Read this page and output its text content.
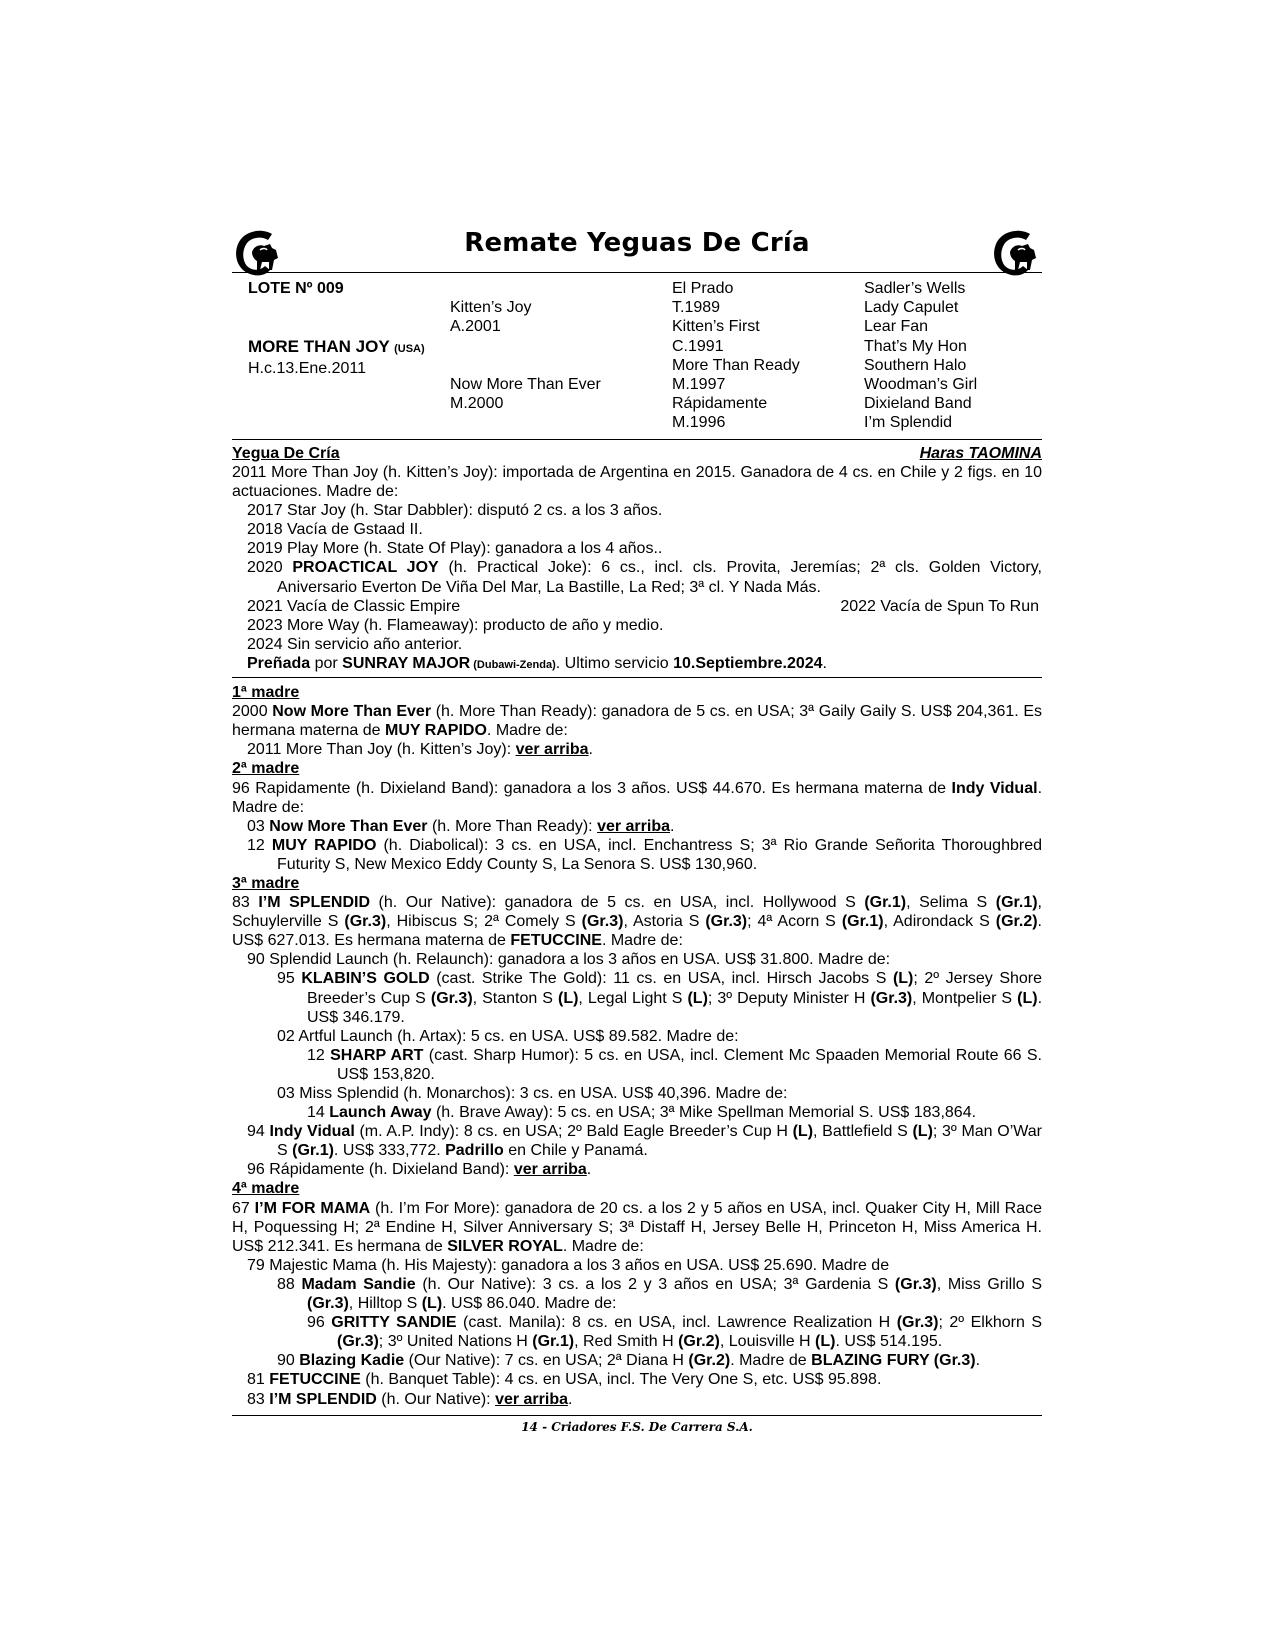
Remate Yeguas De Cría
LOTE Nº 009

MORE THAN JOY (USA)
H.c.13.Ene.2011

Kitten’s Joy
A.2001

Now More Than Ever
M.2000
El Prado
T.1989
Kitten’s First
C.1991
More Than Ready
M.1997
Rápidamente
M.1996
Sadler’s Wells
Lady Capulet
Lear Fan
That’s My Hon
Southern Halo
Woodman’s Girl
Dixieland Band
I’m Splendid
Yegua De Cría	Haras TAOMINA

2011 More Than Joy (h. Kitten’s Joy): importada de Argentina en 2015. Ganadora de 4 cs. en Chile y 2 figs. en 10 actuaciones. Madre de:

2017 Star Joy (h. Star Dabbler): disputó 2 cs. a los 3 años.

2018 Vacía de Gstaad II.

2019 Play More (h. State Of Play): ganadora a los 4 años..

2020 PROACTICAL JOY (h. Practical Joke): 6 cs., incl. cls. Provita, Jeremías; 2ª cls. Golden Victory, Aniversario Everton De Viña Del Mar, La Bastille, La Red; 3ª cl. Y Nada Más.

2021 Vacía de Classic Empire	2022 Vacía de Spun To Run

2023 More Way (h. Flameaway): producto de año y medio.

2024 Sin servicio año anterior.

Preñada por SUNRAY MAJOR (Dubawi-Zenda). Ultimo servicio 10.Septiembre.2024.

1ª madre

2000 Now More Than Ever (h. More Than Ready): ganadora de 5 cs. en USA; 3ª Gaily Gaily S. US$ 204,361. Es hermana materna de MUY RAPIDO. Madre de:

2011 More Than Joy (h. Kitten’s Joy): ver arriba.

2ª madre

96 Rapidamente (h. Dixieland Band): ganadora a los 3 años. US$ 44.670. Es hermana materna de Indy Vidual. Madre de:

03 Now More Than Ever (h. More Than Ready): ver arriba.

12 MUY RAPIDO (h. Diabolical): 3 cs. en USA, incl. Enchantress S; 3ª Rio Grande Señorita Thoroughbred Futurity S, New Mexico Eddy County S, La Senora S. US$ 130,960.

3ª madre

83 I’M SPLENDID (h. Our Native): ganadora de 5 cs. en USA, incl. Hollywood S (Gr.1), Selima S (Gr.1), Schuylerville S (Gr.3), Hibiscus S; 2ª Comely S (Gr.3), Astoria S (Gr.3); 4ª Acorn S (Gr.1), Adirondack S (Gr.2). US$ 627.013. Es hermana materna de FETUCCINE. Madre de:

90 Splendid Launch (h. Relaunch): ganadora a los 3 años en USA. US$ 31.800. Madre de:

95 KLABIN’S GOLD (cast. Strike The Gold): 11 cs. en USA, incl. Hirsch Jacobs S (L); 2º Jersey Shore Breeder’s Cup S (Gr.3), Stanton S (L), Legal Light S (L); 3º Deputy Minister H (Gr.3), Montpelier S (L). US$ 346.179.

02 Artful Launch (h. Artax): 5 cs. en USA. US$ 89.582. Madre de:

12 SHARP ART (cast. Sharp Humor): 5 cs. en USA, incl. Clement Mc Spaaden Memorial Route 66 S. US$ 153,820.

03 Miss Splendid (h. Monarchos): 3 cs. en USA. US$ 40,396. Madre de:

14 Launch Away (h. Brave Away): 5 cs. en USA; 3ª Mike Spellman Memorial S. US$ 183,864.

94 Indy Vidual (m. A.P. Indy): 8 cs. en USA; 2º Bald Eagle Breeder’s Cup H (L), Battlefield S (L); 3º Man O’War S (Gr.1). US$ 333,772. Padrillo en Chile y Panamá.

96 Rápidamente (h. Dixieland Band): ver arriba.

4ª madre

67 I’M FOR MAMA (h. I’m For More): ganadora de 20 cs. a los 2 y 5 años en USA, incl. Quaker City H, Mill Race H, Poquessing H; 2ª Endine H, Silver Anniversary S; 3ª Distaff H, Jersey Belle H, Princeton H, Miss America H. US$ 212.341. Es hermana de SILVER ROYAL. Madre de:

79 Majestic Mama (h. His Majesty): ganadora a los 3 años en USA. US$ 25.690. Madre de

88 Madam Sandie (h. Our Native): 3 cs. a los 2 y 3 años en USA; 3ª Gardenia S (Gr.3), Miss Grillo S (Gr.3), Hilltop S (L). US$ 86.040. Madre de:

96 GRITTY SANDIE (cast. Manila): 8 cs. en USA, incl. Lawrence Realization H (Gr.3); 2º Elkhorn S (Gr.3); 3º United Nations H (Gr.1), Red Smith H (Gr.2), Louisville H (L). US$ 514.195.

90 Blazing Kadie (Our Native): 7 cs. en USA; 2ª Diana H (Gr.2). Madre de BLAZING FURY (Gr.3).

81 FETUCCINE (h. Banquet Table): 4 cs. en USA, incl. The Very One S, etc. US$ 95.898.

83 I’M SPLENDID (h. Our Native): ver arriba.

14 - Criadores F.S. De Carrera S.A.
